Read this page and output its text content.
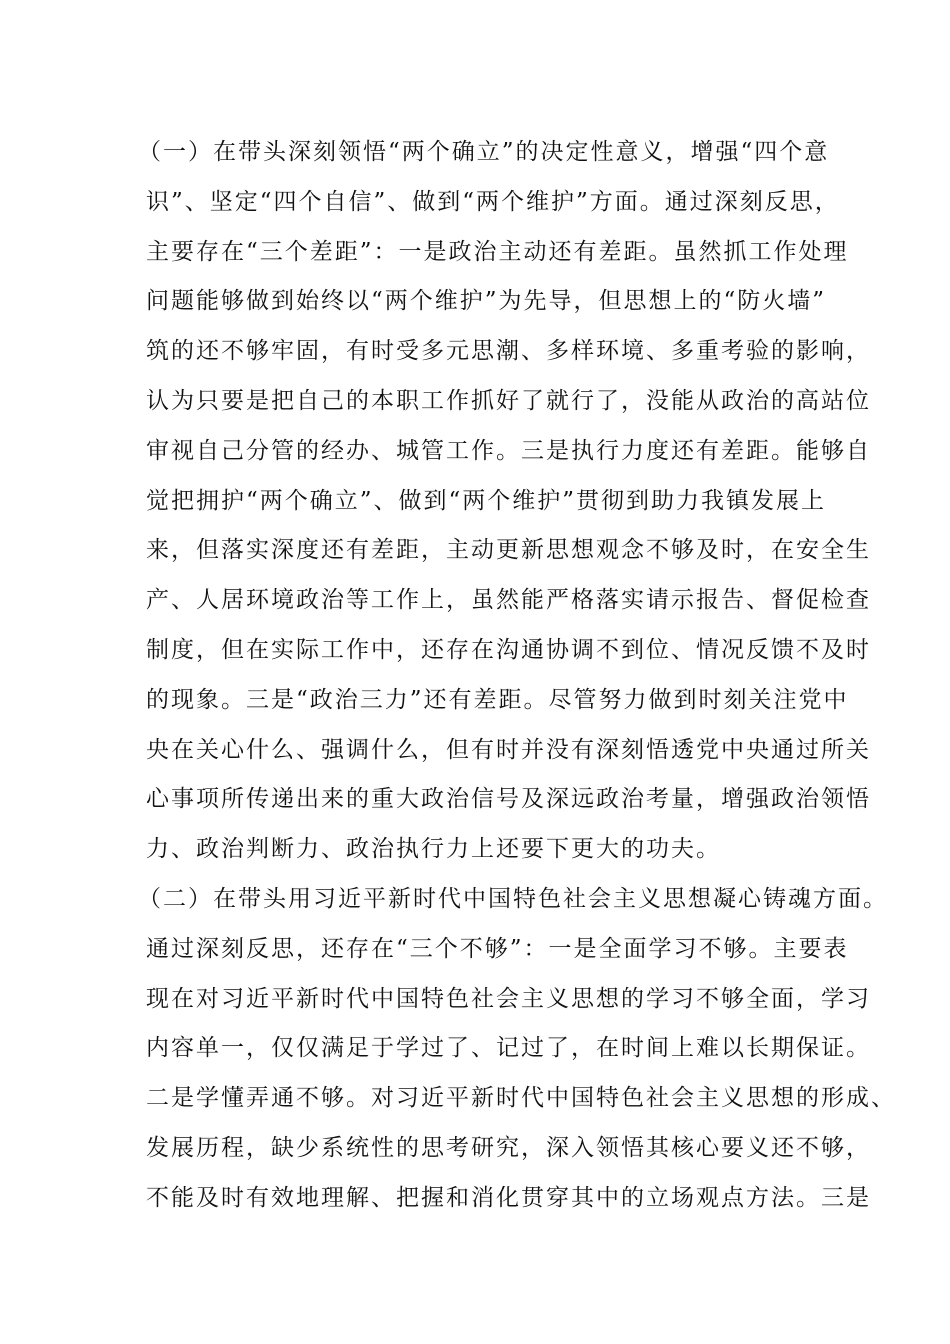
（一）在带头深刻领悟“两个确立”的决定性意义，增强“四个意
识”、坚定“四个自信”、做到“两个维护”方面。通过深刻反思，
主要存在“三个差距”：一是政治主动还有差距。虽然抓工作处理
问题能够做到始终以“两个维护”为先导，但思想上的“防火墙”
筑的还不够牢固，有时受多元思潮、多样环境、多重考验的影响，
认为只要是把自己的本职工作抓好了就行了，没能从政治的高站位
审视自己分管的经办、城管工作。三是执行力度还有差距。能够自
觉把拥护“两个确立”、做到“两个维护”贯彻到助力我镇发展上
来，但落实深度还有差距，主动更新思想观念不够及时，在安全生
产、人居环境政治等工作上，虽然能严格落实请示报告、督促检查
制度，但在实际工作中，还存在沟通协调不到位、情况反馈不及时
的现象。三是“政治三力”还有差距。尽管努力做到时刻关注党中
央在关心什么、强调什么，但有时并没有深刻悟透党中央通过所关
心事项所传递出来的重大政治信号及深远政治考量，增强政治领悟
力、政治判断力、政治执行力上还要下更大的功夫。
（二）在带头用习近平新时代中国特色社会主义思想凝心铸魂方面。
通过深刻反思，还存在“三个不够”：一是全面学习不够。主要表
现在对习近平新时代中国特色社会主义思想的学习不够全面，学习
内容单一，仅仅满足于学过了、记过了，在时间上难以长期保证。
二是学懂弄通不够。对习近平新时代中国特色社会主义思想的形成、
发展历程，缺少系统性的思考研究，深入领悟其核心要义还不够，
不能及时有效地理解、把握和消化贯穿其中的立场观点方法。三是
